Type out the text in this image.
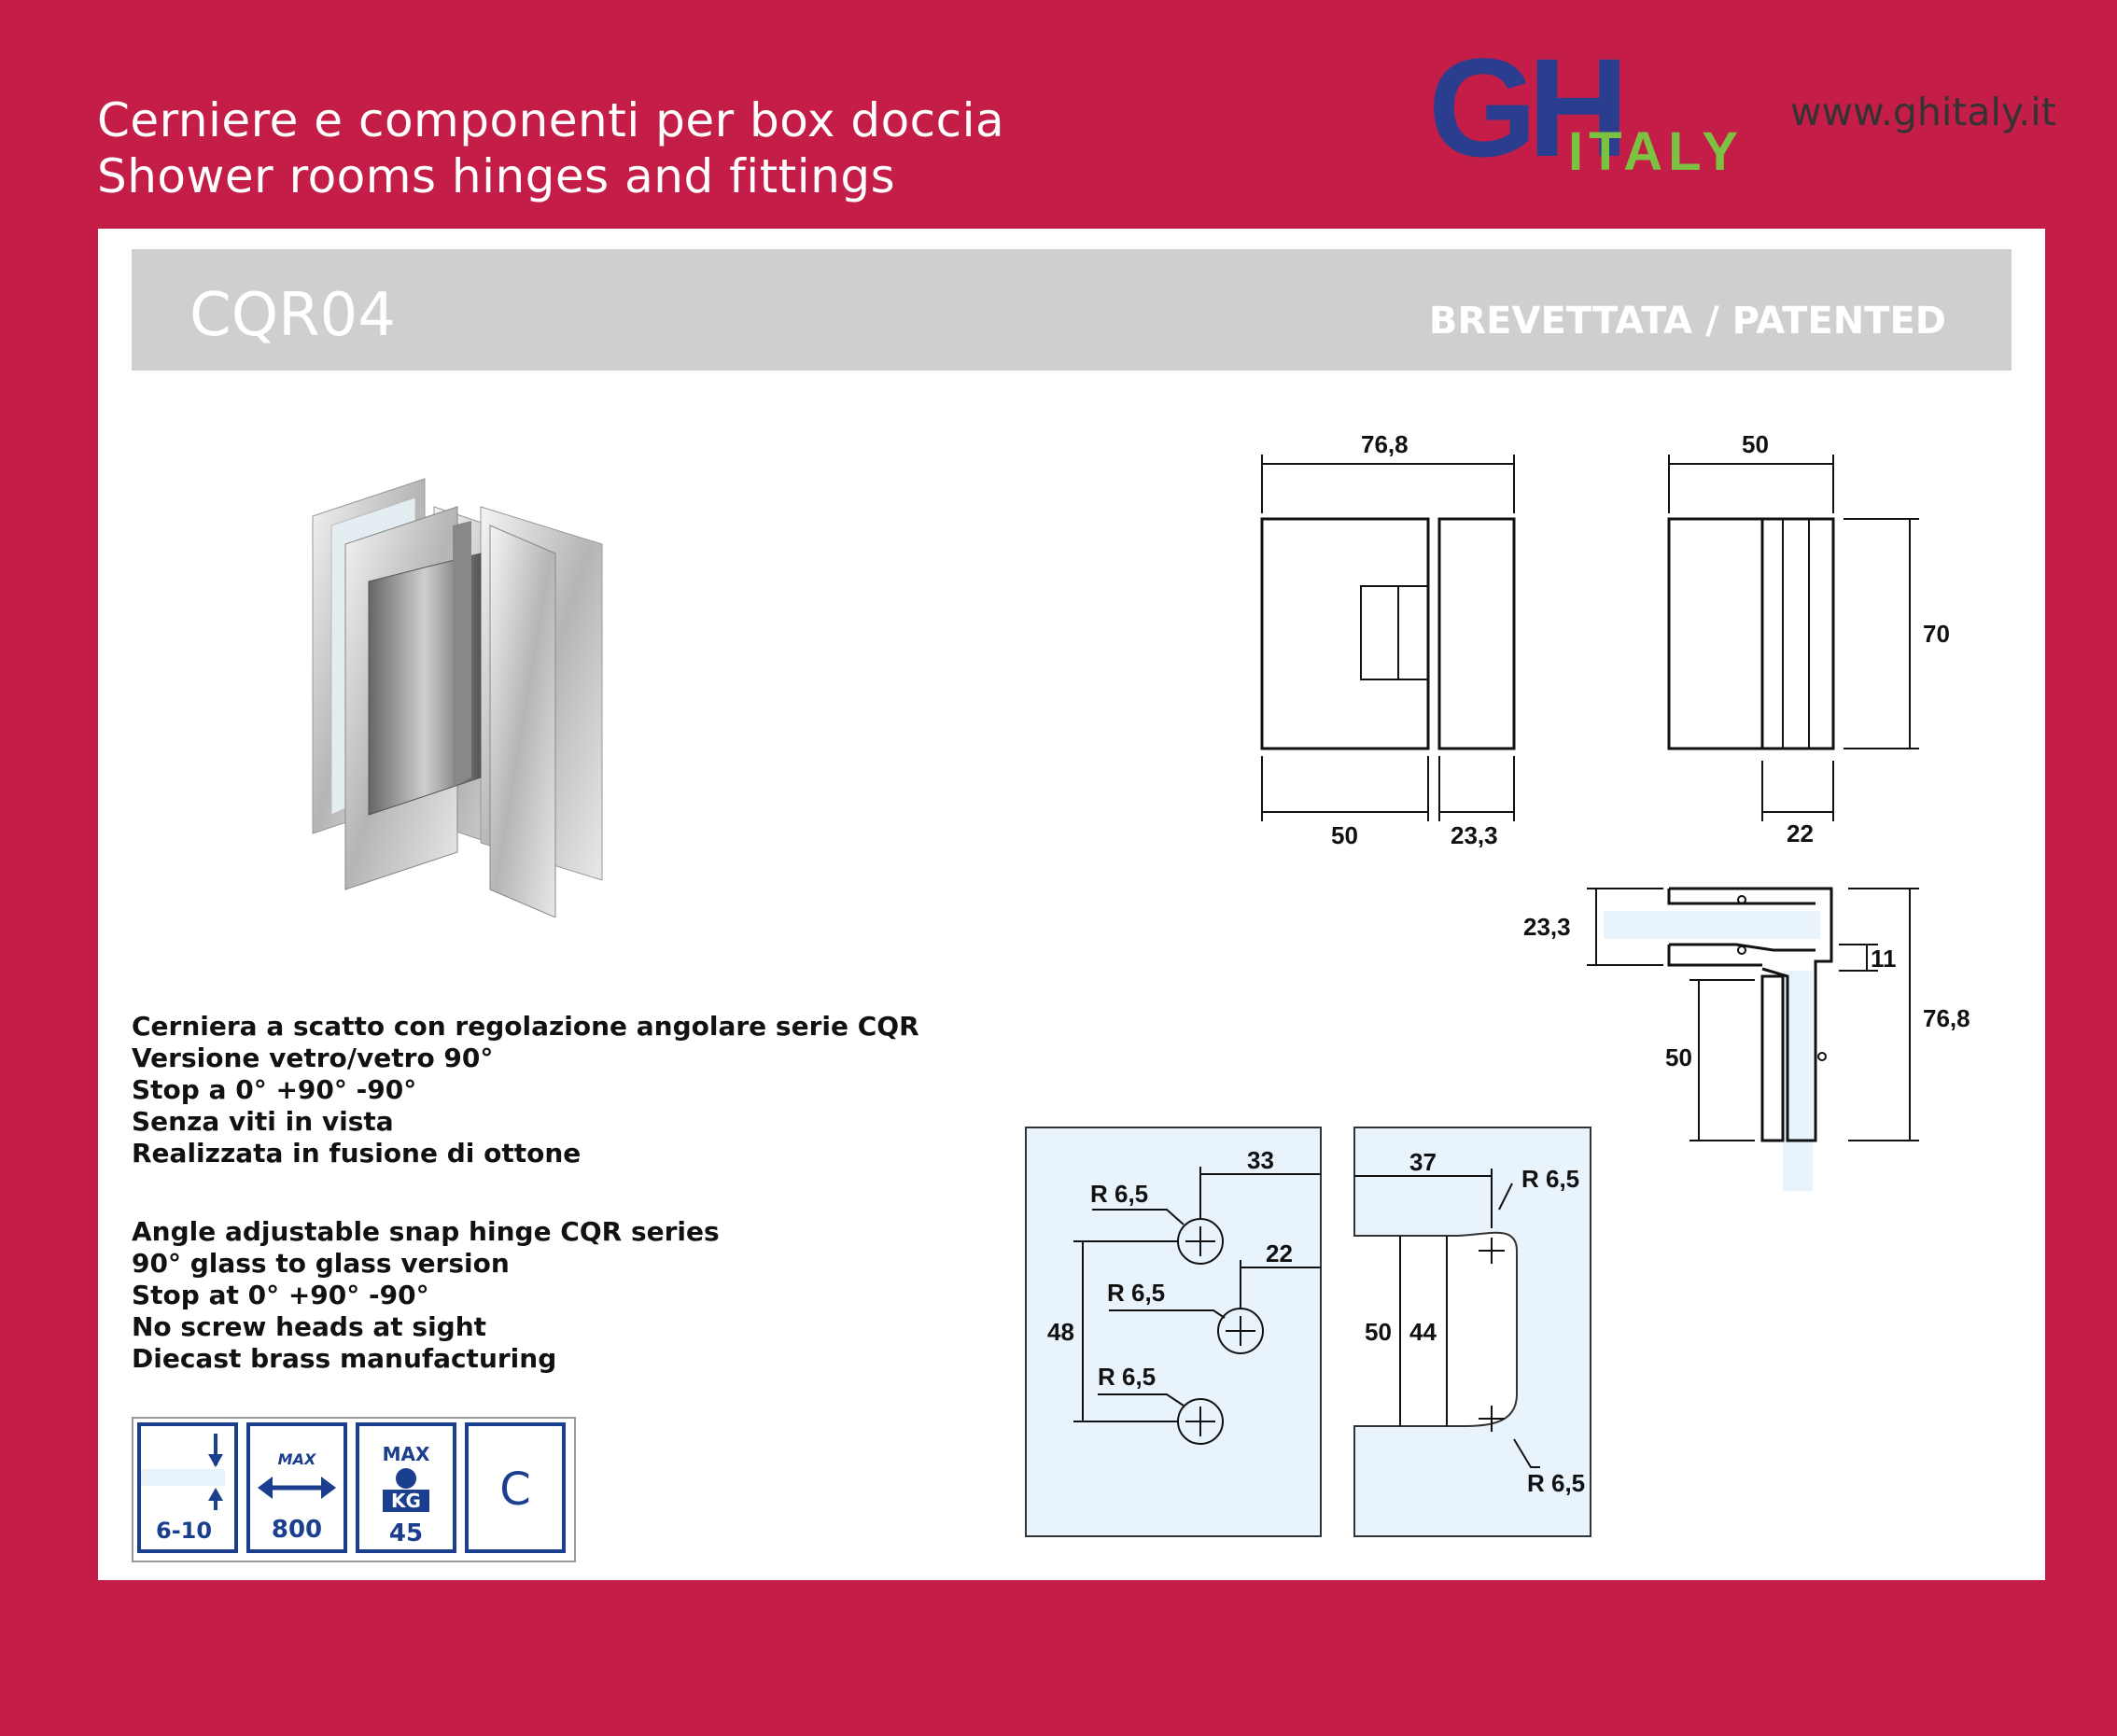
Cerniere e componenti per box doccia
Shower rooms hinges and fittings	GH
ITALY
www.ghitaly.it
CQR04	BREVETTATA / PATENTED
Cerniera a scatto con regolazione angolare serie CQR
Versione vetro/vetro 90°
Stop a 0° +90° -90°
Senza viti in vista
Realizzata in fusione di ottone
Angle adjustable snap hinge CQR series
90° glass to glass version
Stop at 0° +90° -90°
No screw heads at sight
Diecast brass manufacturing
6-10
MAX
800
MAX
KG
45
C
76,8
50	23,3
50
70
22
23,3
11
50
76,8
33
22
48
R 6,5
R 6,5
R 6,5
37
50 44
R 6,5
R 6,5
